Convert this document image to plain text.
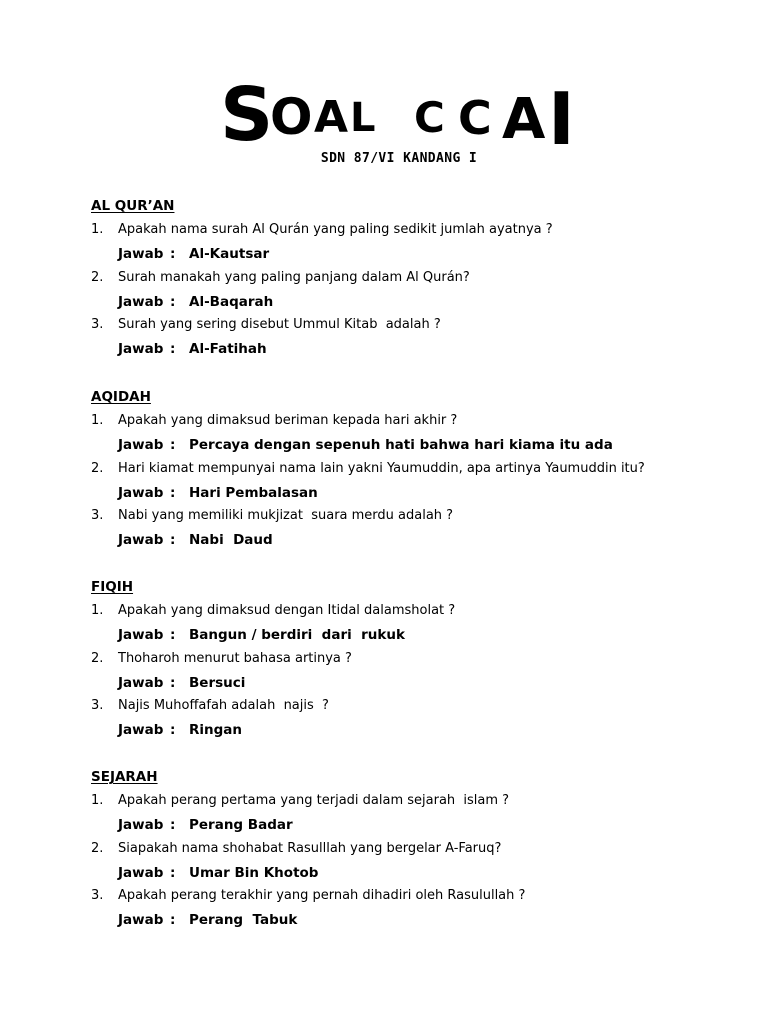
S
O A L C C A I
SDN 87/VI KANDANG I
AL QUR’AN
1. Apakah nama surah Al Qurán yang paling sedikit jumlah ayatnya ?
Jawab : Al-Kautsar
2. Surah manakah yang paling panjang dalam Al Qurán?
Jawab : Al-Baqarah
3. Surah yang sering disebut Ummul Kitab  adalah ?
Jawab : Al-Fatihah
AQIDAH
1. Apakah yang dimaksud beriman kepada hari akhir ?
Jawab : Percaya dengan sepenuh hati bahwa hari kiama itu ada
2. Hari kiamat mempunyai nama lain yakni Yaumuddin, apa artinya Yaumuddin itu?
Jawab : Hari Pembalasan
3. Nabi yang memiliki mukjizat  suara merdu adalah ?
Jawab : Nabi  Daud
FIQIH
1. Apakah yang dimaksud dengan Itidal dalamsholat ?
Jawab : Bangun / berdiri  dari  rukuk
2. Thoharoh menurut bahasa artinya ?
Jawab : Bersuci
3. Najis Muhoffafah adalah  najis  ?
Jawab : Ringan
SEJARAH
1. Apakah perang pertama yang terjadi dalam sejarah  islam ?
Jawab : Perang Badar
2. Siapakah nama shohabat Rasulllah yang bergelar A-Faruq?
Jawab : Umar Bin Khotob
3. Apakah perang terakhir yang pernah dihadiri oleh Rasulullah ?
Jawab : Perang  Tabuk
